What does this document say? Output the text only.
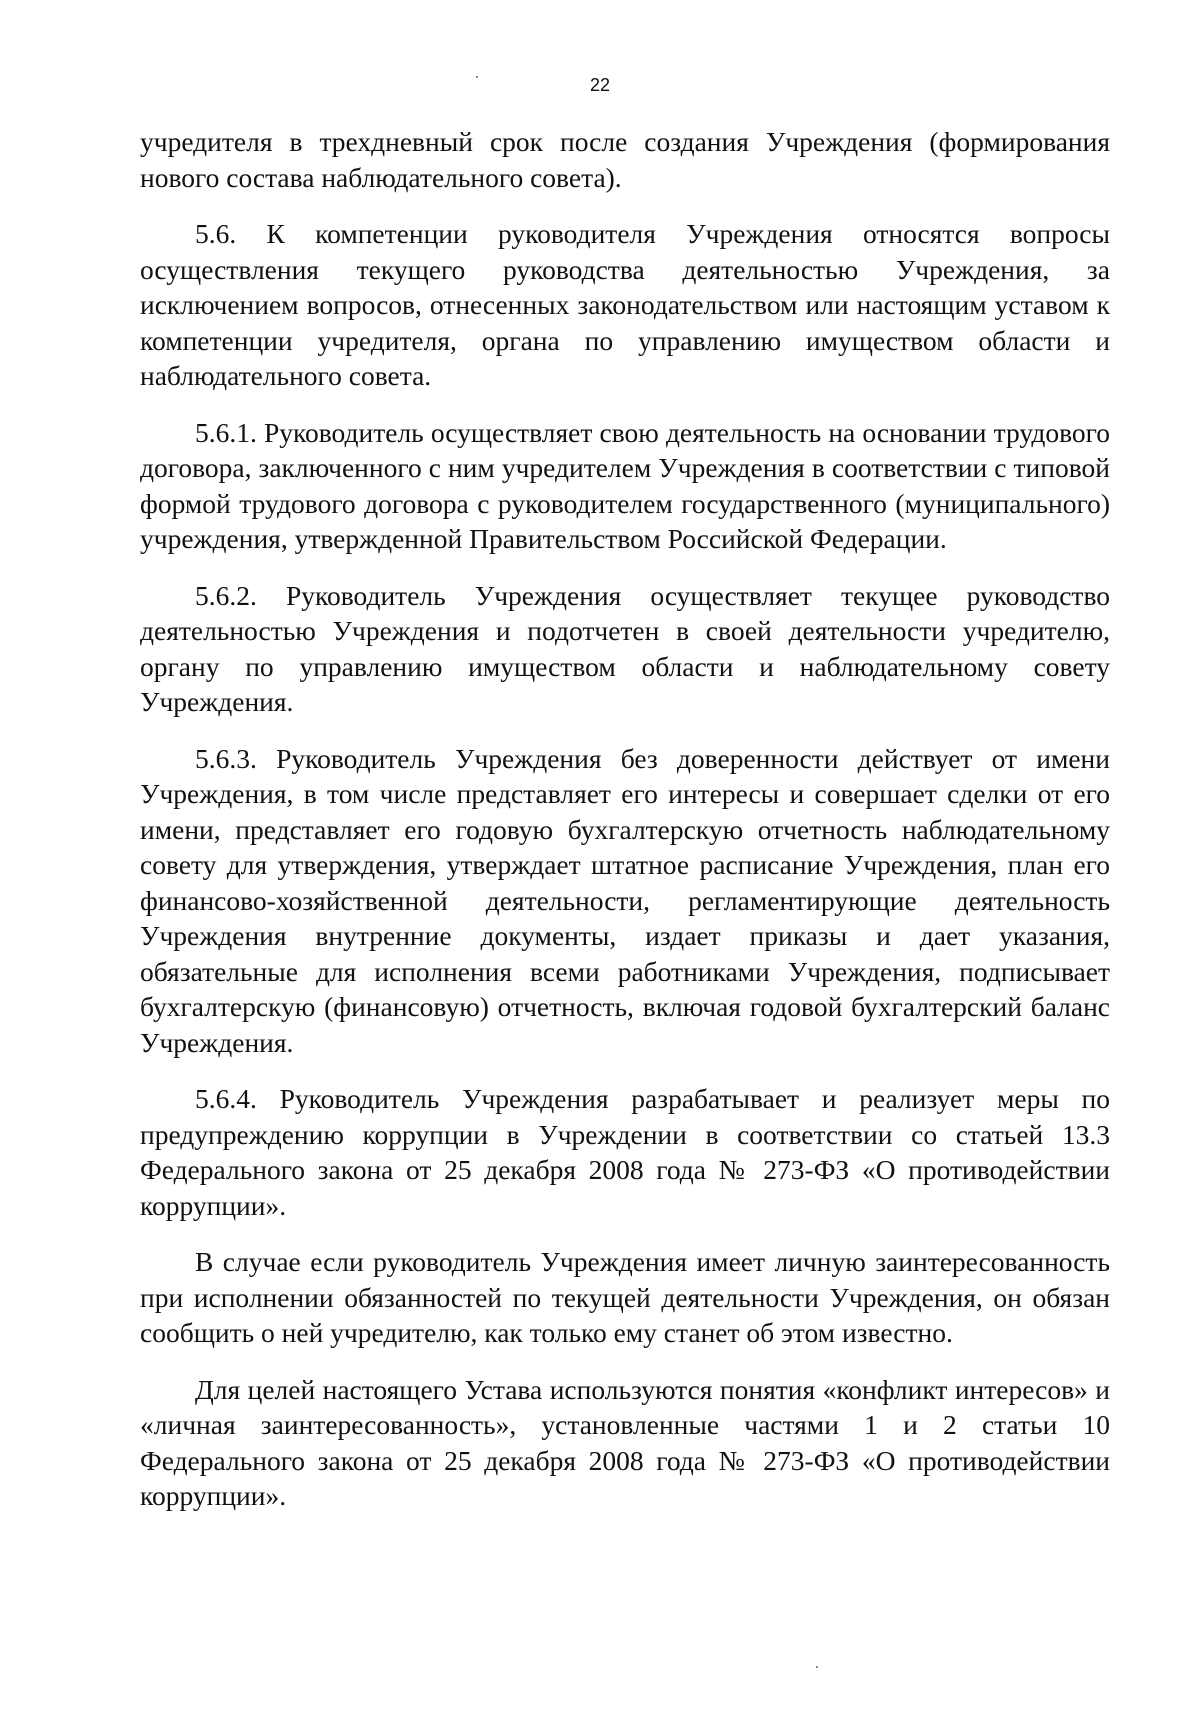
22

учредителя в трехдневный срок после создания Учреждения (формирования нового состава наблюдательного совета).

5.6. К компетенции руководителя Учреждения относятся вопросы осуществления текущего руководства деятельностью Учреждения, за исключением вопросов, отнесенных законодательством или настоящим уставом к компетенции учредителя, органа по управлению имуществом области и наблюдательного совета.

5.6.1. Руководитель осуществляет свою деятельность на основании трудового договора, заключенного с ним учредителем Учреждения в соответствии с типовой формой трудового договора с руководителем государственного (муниципального) учреждения, утвержденной Правительством Российской Федерации.

5.6.2. Руководитель Учреждения осуществляет текущее руководство деятельностью Учреждения и подотчетен в своей деятельности учредителю, органу по управлению имуществом области и наблюдательному совету Учреждения.

5.6.3. Руководитель Учреждения без доверенности действует от имени Учреждения, в том числе представляет его интересы и совершает сделки от его имени, представляет его годовую бухгалтерскую отчетность наблюдательному совету для утверждения, утверждает штатное расписание Учреждения, план его финансово-хозяйственной деятельности, регламентирующие деятельность Учреждения внутренние документы, издает приказы и дает указания, обязательные для исполнения всеми работниками Учреждения, подписывает бухгалтерскую (финансовую) отчетность, включая годовой бухгалтерский баланс Учреждения.

5.6.4. Руководитель Учреждения разрабатывает и реализует меры по предупреждению коррупции в Учреждении в соответствии со статьей 13.3 Федерального закона от 25 декабря 2008 года № 273-ФЗ «О противодействии коррупции».

В случае если руководитель Учреждения имеет личную заинтересованность при исполнении обязанностей по текущей деятельности Учреждения, он обязан сообщить о ней учредителю, как только ему станет об этом известно.

Для целей настоящего Устава используются понятия «конфликт интересов» и «личная заинтересованность», установленные частями 1 и 2 статьи 10 Федерального закона от 25 декабря 2008 года № 273-ФЗ «О противодействии коррупции».
